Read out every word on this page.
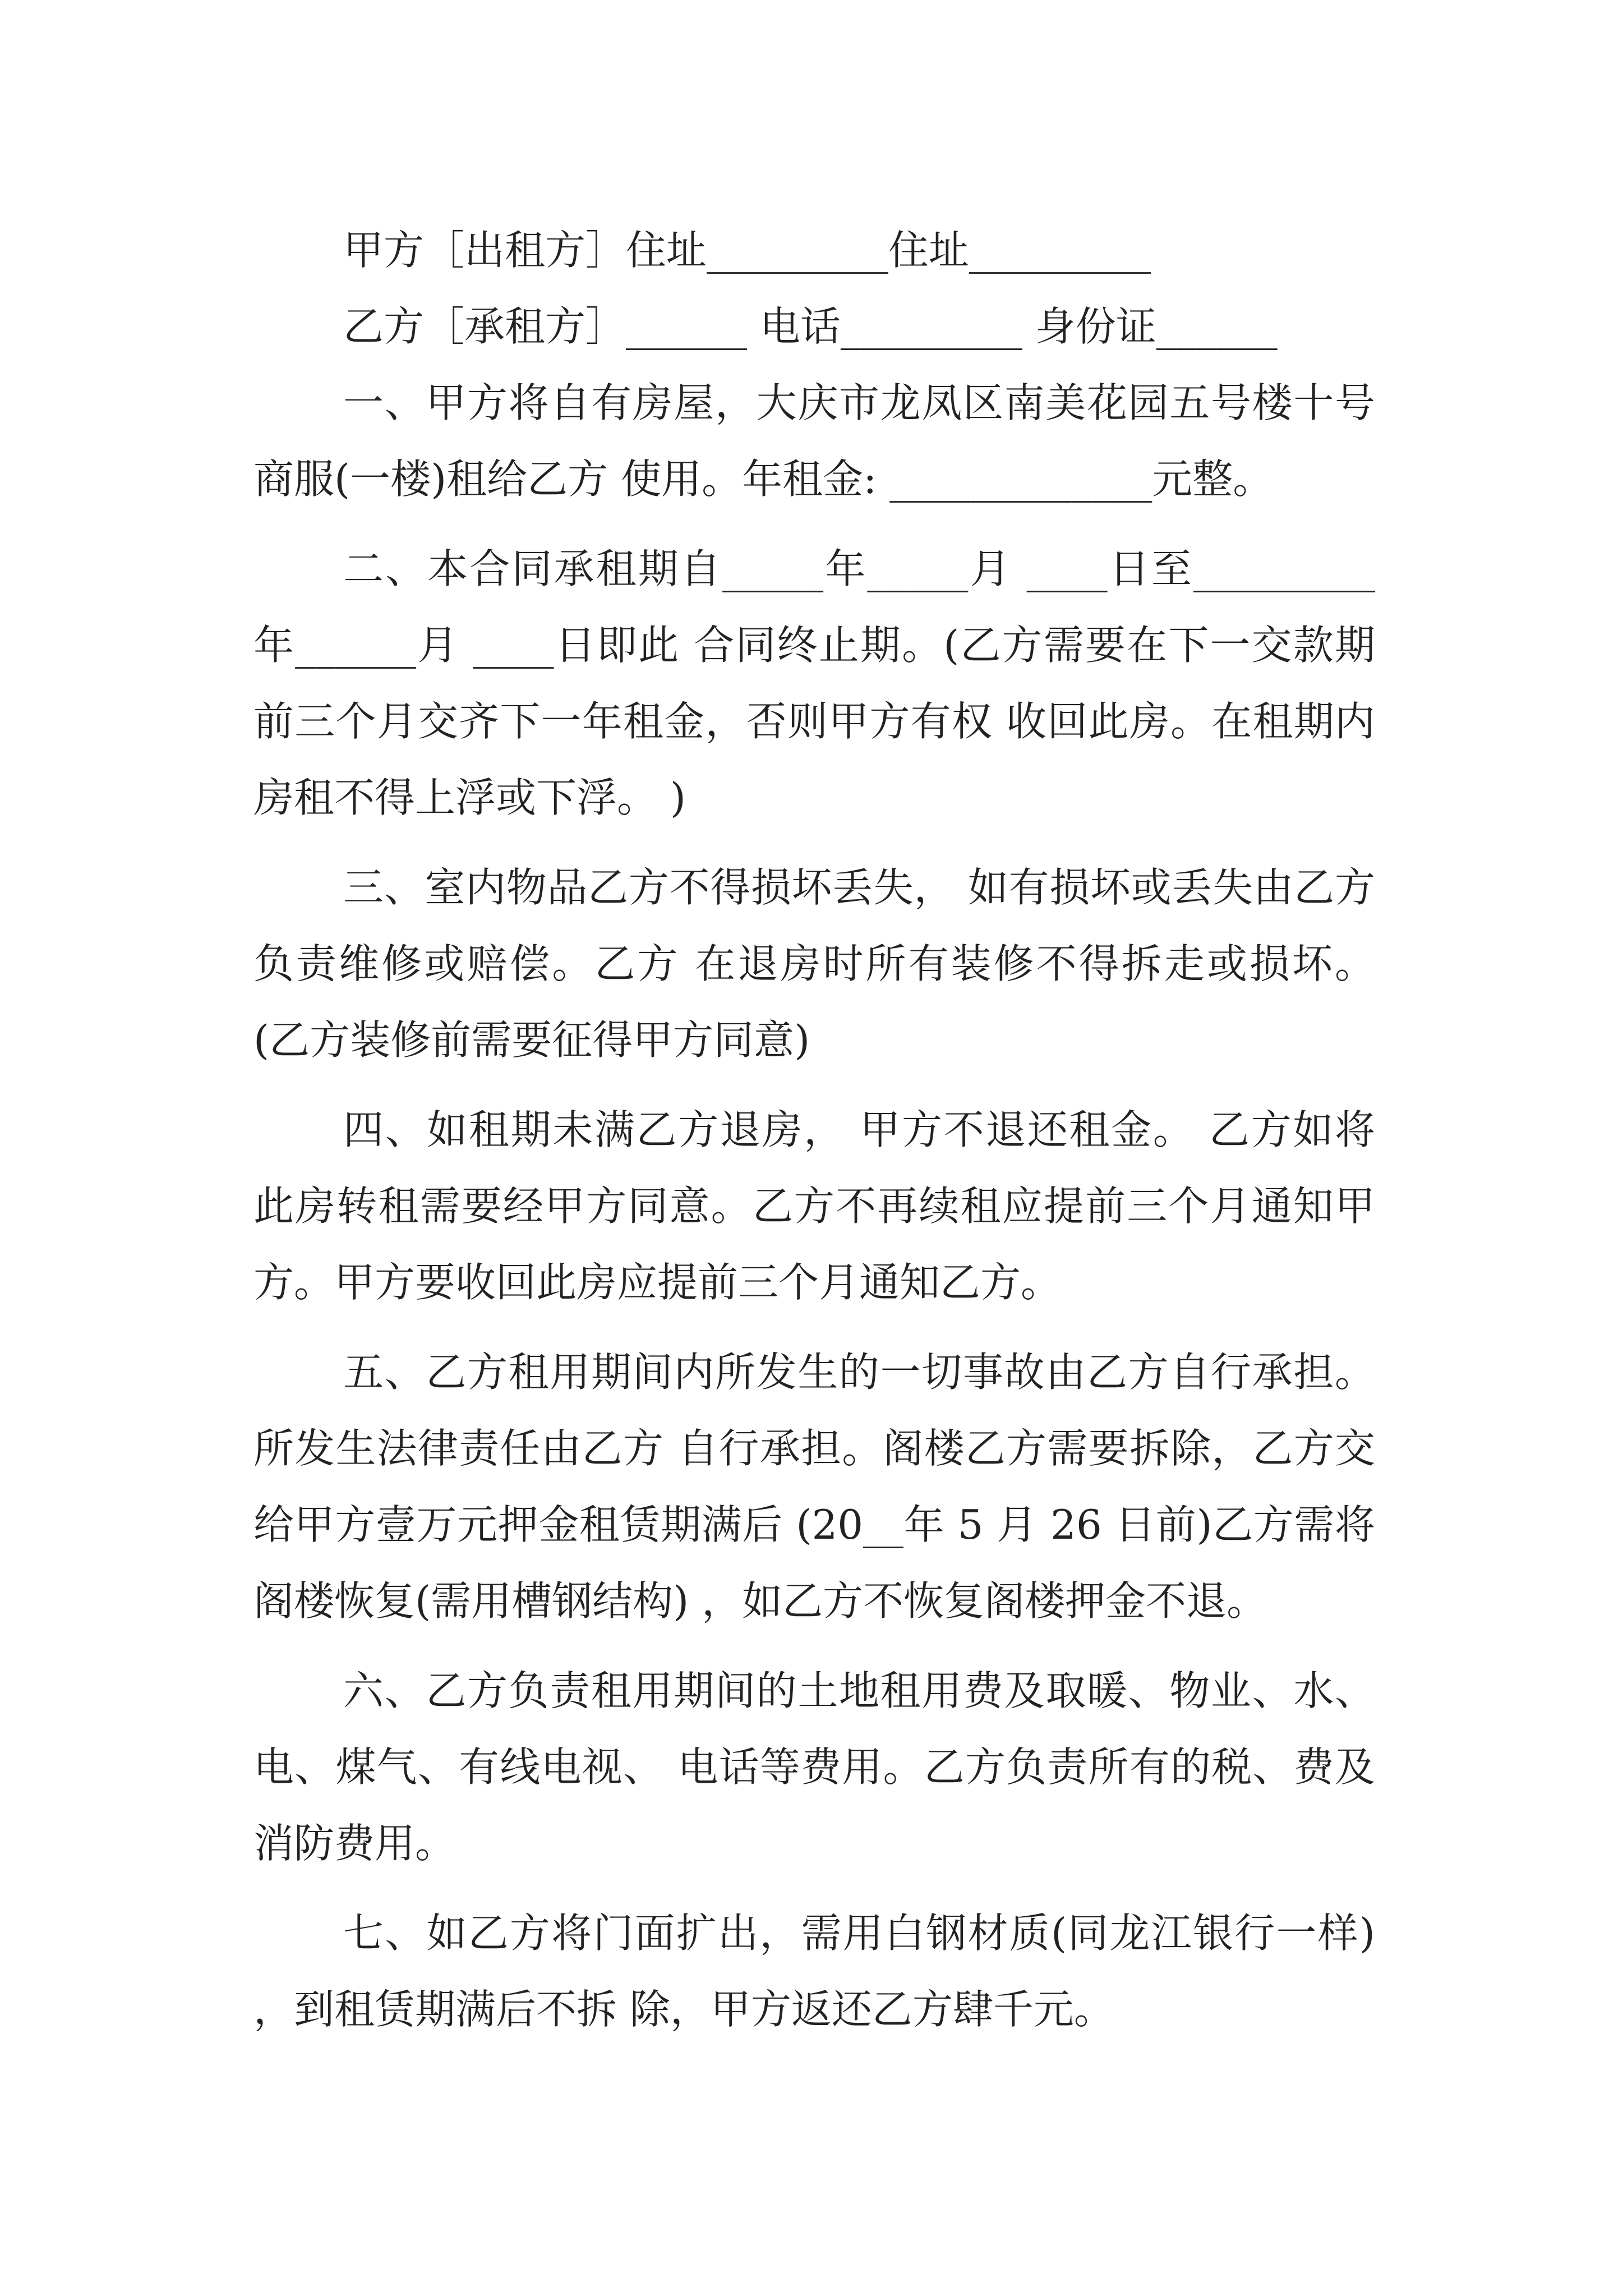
甲方［出租方］住址_________住址_________

乙方［承租方］______ 电话_________ 身份证______

一、甲方将自有房屋，大庆市龙凤区南美花园五号楼十号商服(一楼)租给乙方 使用。年租金: _____________元整。

二、本合同承租期自_____年_____月 ____日至_________年______月 ____日即此 合同终止期。(乙方需要在下一交款期前三个月交齐下一年租金，否则甲方有权 收回此房。在租期内房租不得上浮或下浮。 )

三、室内物品乙方不得损坏丢失， 如有损坏或丢失由乙方负责维修或赔偿。乙方 在退房时所有装修不得拆走或损坏。 (乙方装修前需要征得甲方同意)

四、如租期未满乙方退房， 甲方不退还租金。 乙方如将此房转租需要经甲方同意。乙方不再续租应提前三个月通知甲方。甲方要收回此房应提前三个月通知乙方。

五、乙方租用期间内所发生的一切事故由乙方自行承担。所发生法律责任由乙方 自行承担。阁楼乙方需要拆除，乙方交给甲方壹万元押金租赁期满后 (20__年 5 月 26 日前)乙方需将阁楼恢复(需用槽钢结构) ，如乙方不恢复阁楼押金不退。

六、乙方负责租用期间的土地租用费及取暖、物业、水、电、煤气、有线电视、 电话等费用。乙方负责所有的税、费及消防费用。

七、如乙方将门面扩出，需用白钢材质(同龙江银行一样) ，到租赁期满后不拆 除，甲方返还乙方肆千元。
